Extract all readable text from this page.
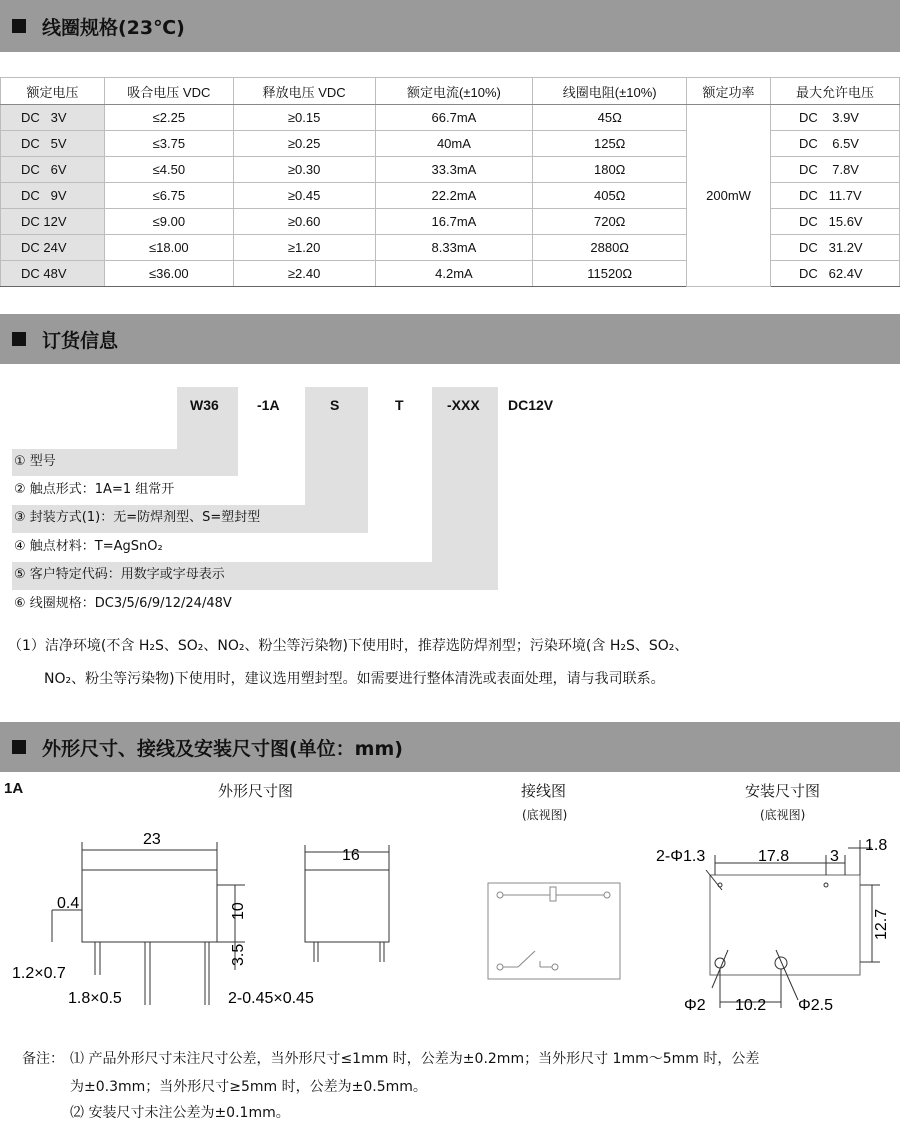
线圈规格(23℃)
额定电压	吸合电压 VDC	释放电压 VDC	额定电流(±10%)	线圈电阻(±10%)	额定功率	最大允许电压
DC   3V	≤2.25	≥0.15	66.7mA	45Ω	200mW	DC    3.9V
DC   5V	≤3.75	≥0.25	40mA	125Ω		DC    6.5V
DC   6V	≤4.50	≥0.30	33.3mA	180Ω		DC    7.8V
DC   9V	≤6.75	≥0.45	22.2mA	405Ω		DC   11.7V
DC 12V	≤9.00	≥0.60	16.7mA	720Ω		DC   15.6V
DC 24V	≤18.00	≥1.20	8.33mA	2880Ω		DC   31.2V
DC 48V	≤36.00	≥2.40	4.2mA	11520Ω		DC   62.4V
订货信息
W36	-1A	S	T	-XXX DC12V
① 型号
② 触点形式：1A=1 组常开
③ 封装方式(1)：无=防焊剂型、S=塑封型
④ 触点材料：T=AgSnO₂
⑤ 客户特定代码：用数字或字母表示
⑥ 线圈规格：DC3/5/6/9/12/24/48V
（1）洁净环境(不含 H₂S、SO₂、NO₂、粉尘等污染物)下使用时，推荐选防焊剂型；污染环境(含 H₂S、SO₂、
NO₂、粉尘等污染物)下使用时，建议选用塑封型。如需要进行整体清洗或表面处理，请与我司联系。
外形尺寸、接线及安装尺寸图(单位：mm)
1A	外形尺寸图	接线图
(底视图)
安装尺寸图
(底视图)
23
0.4	10
3.5
1.2×0.7
1.8×0.5	2-0.45×0.45
16	2-Φ1.3	17.8	3
1.8
12.7
Φ2 10.2 Φ2.5
备注： ⑴ 产品外形尺寸未注尺寸公差，当外形尺寸≤1mm 时，公差为±0.2mm；当外形尺寸 1mm～5mm 时，公差
为±0.3mm；当外形尺寸≥5mm 时，公差为±0.5mm。
⑵ 安装尺寸未注公差为±0.1mm。
